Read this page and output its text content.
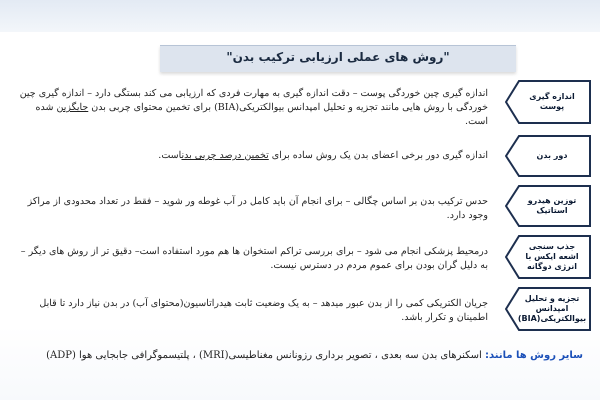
"روش های عملی ارزیابی ترکیب بدن"
اندازه گیری پوست
اندازه گیری چین خوردگی پوست – دقت اندازه گیری به مهارت فردی که ارزیابی می کند بستگی دارد – اندازه گیری چین خوردگی با روش هایی مانند تجزیه و تحلیل امپدانس بیوالکتریکی(BIA) برای تخمین محتوای چربی بدن جایگزین شده است.
دور بدن
اندازه گیری دور برخی اعضای بدن یک روش ساده برای تخمین درصد چربی بدناست.
توزین هیدرو استاتیک
حدس ترکیب بدن بر اساس چگالی – برای انجام آن باید کامل در آب غوطه ور شوید – فقط در تعداد محدودی از مراکز وجود دارد.
جذب سنجی اشعه ایکس با انرژی دوگانه
درمحیط پزشکی انجام می شود – برای بررسی تراکم استخوان ها هم مورد استفاده است– دقیق تر از روش های دیگر – به دلیل گران بودن برای عموم مردم در دسترس نیست.
تجزیه و تحلیل امپدانس بیوالکتریکی(BIA)
جریان الکتریکی کمی را از بدن عبور میدهد – به یک وضعیت ثابت هیدراتاسیون(محتوای آب) در بدن نیاز دارد تا قابل اطمینان و تکرار باشد.
سایر روش ها مانند: اسکنرهای بدن سه بعدی ، تصویر برداری رزونانس مغناطیسی(MRI) ، پلتیسموگرافی جابجایی هوا (ADP)
